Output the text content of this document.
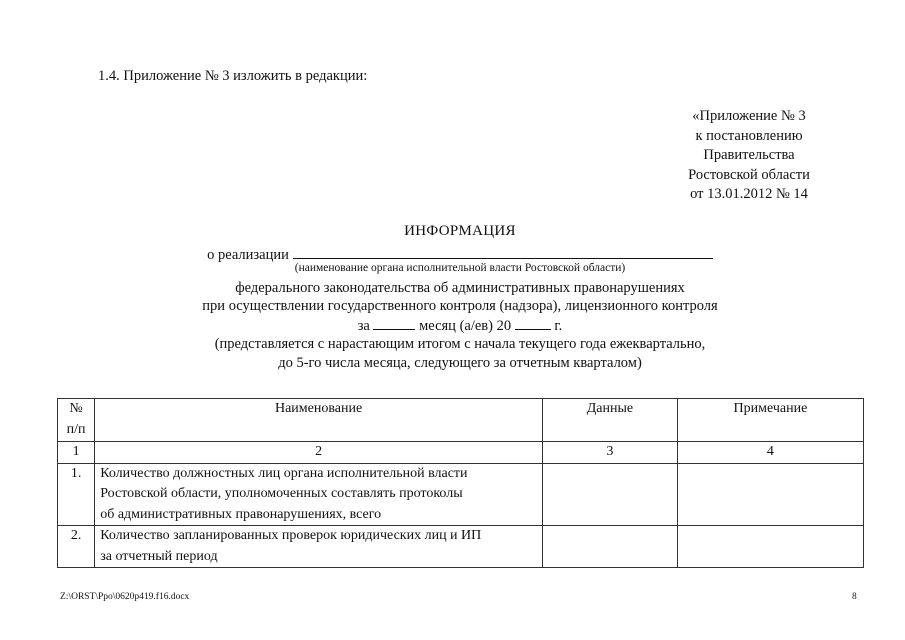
1.4. Приложение № 3 изложить в редакции:
«Приложение № 3
к постановлению
Правительства
Ростовской области
от 13.01.2012 № 14
ИНФОРМАЦИЯ
о реализации
(наименование органа исполнительной власти Ростовской области)
федерального законодательства об административных правонарушениях
при осуществлении государственного контроля (надзора), лицензионного контроля
за	месяц (а/ев) 20	г.
(представляется с нарастающим итогом с начала текущего года ежеквартально,
до 5-го числа месяца, следующего за отчетным кварталом)
№
п/п	Наименование	Данные	Примечание
1	2	3	4
1.	Количество должностных лиц органа исполнительной власти
Ростовской области, уполномоченных составлять протоколы
об административных правонарушениях, всего		

2.	Количество запланированных проверок юридических лиц и ИП
за отчетный период		

Z:\ORST\Ppo\0620p419.f16.docx	8
